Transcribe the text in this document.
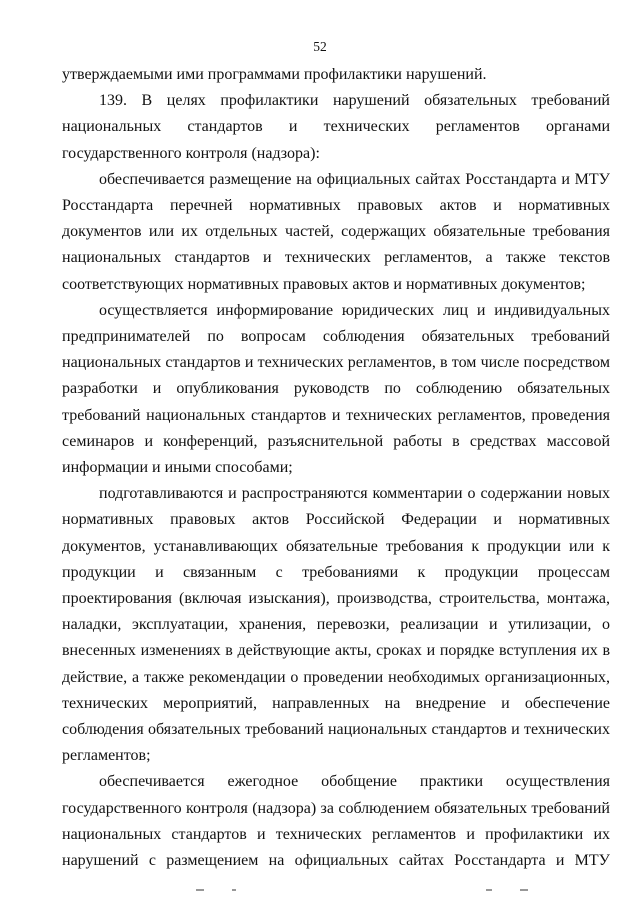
52

утверждаемыми ими программами профилактики нарушений.

139. В целях профилактики нарушений обязательных требований национальных стандартов и технических регламентов органами государственного контроля (надзора):

обеспечивается размещение на официальных сайтах Росстандарта и МТУ Росстандарта перечней нормативных правовых актов и нормативных документов или их отдельных частей, содержащих обязательные требования национальных стандартов и технических регламентов, а также текстов соответствующих нормативных правовых актов и нормативных документов;

осуществляется информирование юридических лиц и индивидуальных предпринимателей по вопросам соблюдения обязательных требований национальных стандартов и технических регламентов, в том числе посредством разработки и опубликования руководств по соблюдению обязательных требований национальных стандартов и технических регламентов, проведения семинаров и конференций, разъяснительной работы в средствах массовой информации и иными способами;

подготавливаются и распространяются комментарии о содержании новых нормативных правовых актов Российской Федерации и нормативных документов, устанавливающих обязательные требования к продукции или к продукции и связанным с требованиями к продукции процессам проектирования (включая изыскания), производства, строительства, монтажа, наладки, эксплуатации, хранения, перевозки, реализации и утилизации, о внесенных изменениях в действующие акты, сроках и порядке вступления их в действие, а также рекомендации о проведении необходимых организационных, технических мероприятий, направленных на внедрение и обеспечение соблюдения обязательных требований национальных стандартов и технических регламентов;

обеспечивается ежегодное обобщение практики осуществления государственного контроля (надзора) за соблюдением обязательных требований национальных стандартов и технических регламентов и профилактики их нарушений с размещением на официальных сайтах Росстандарта и МТУ
